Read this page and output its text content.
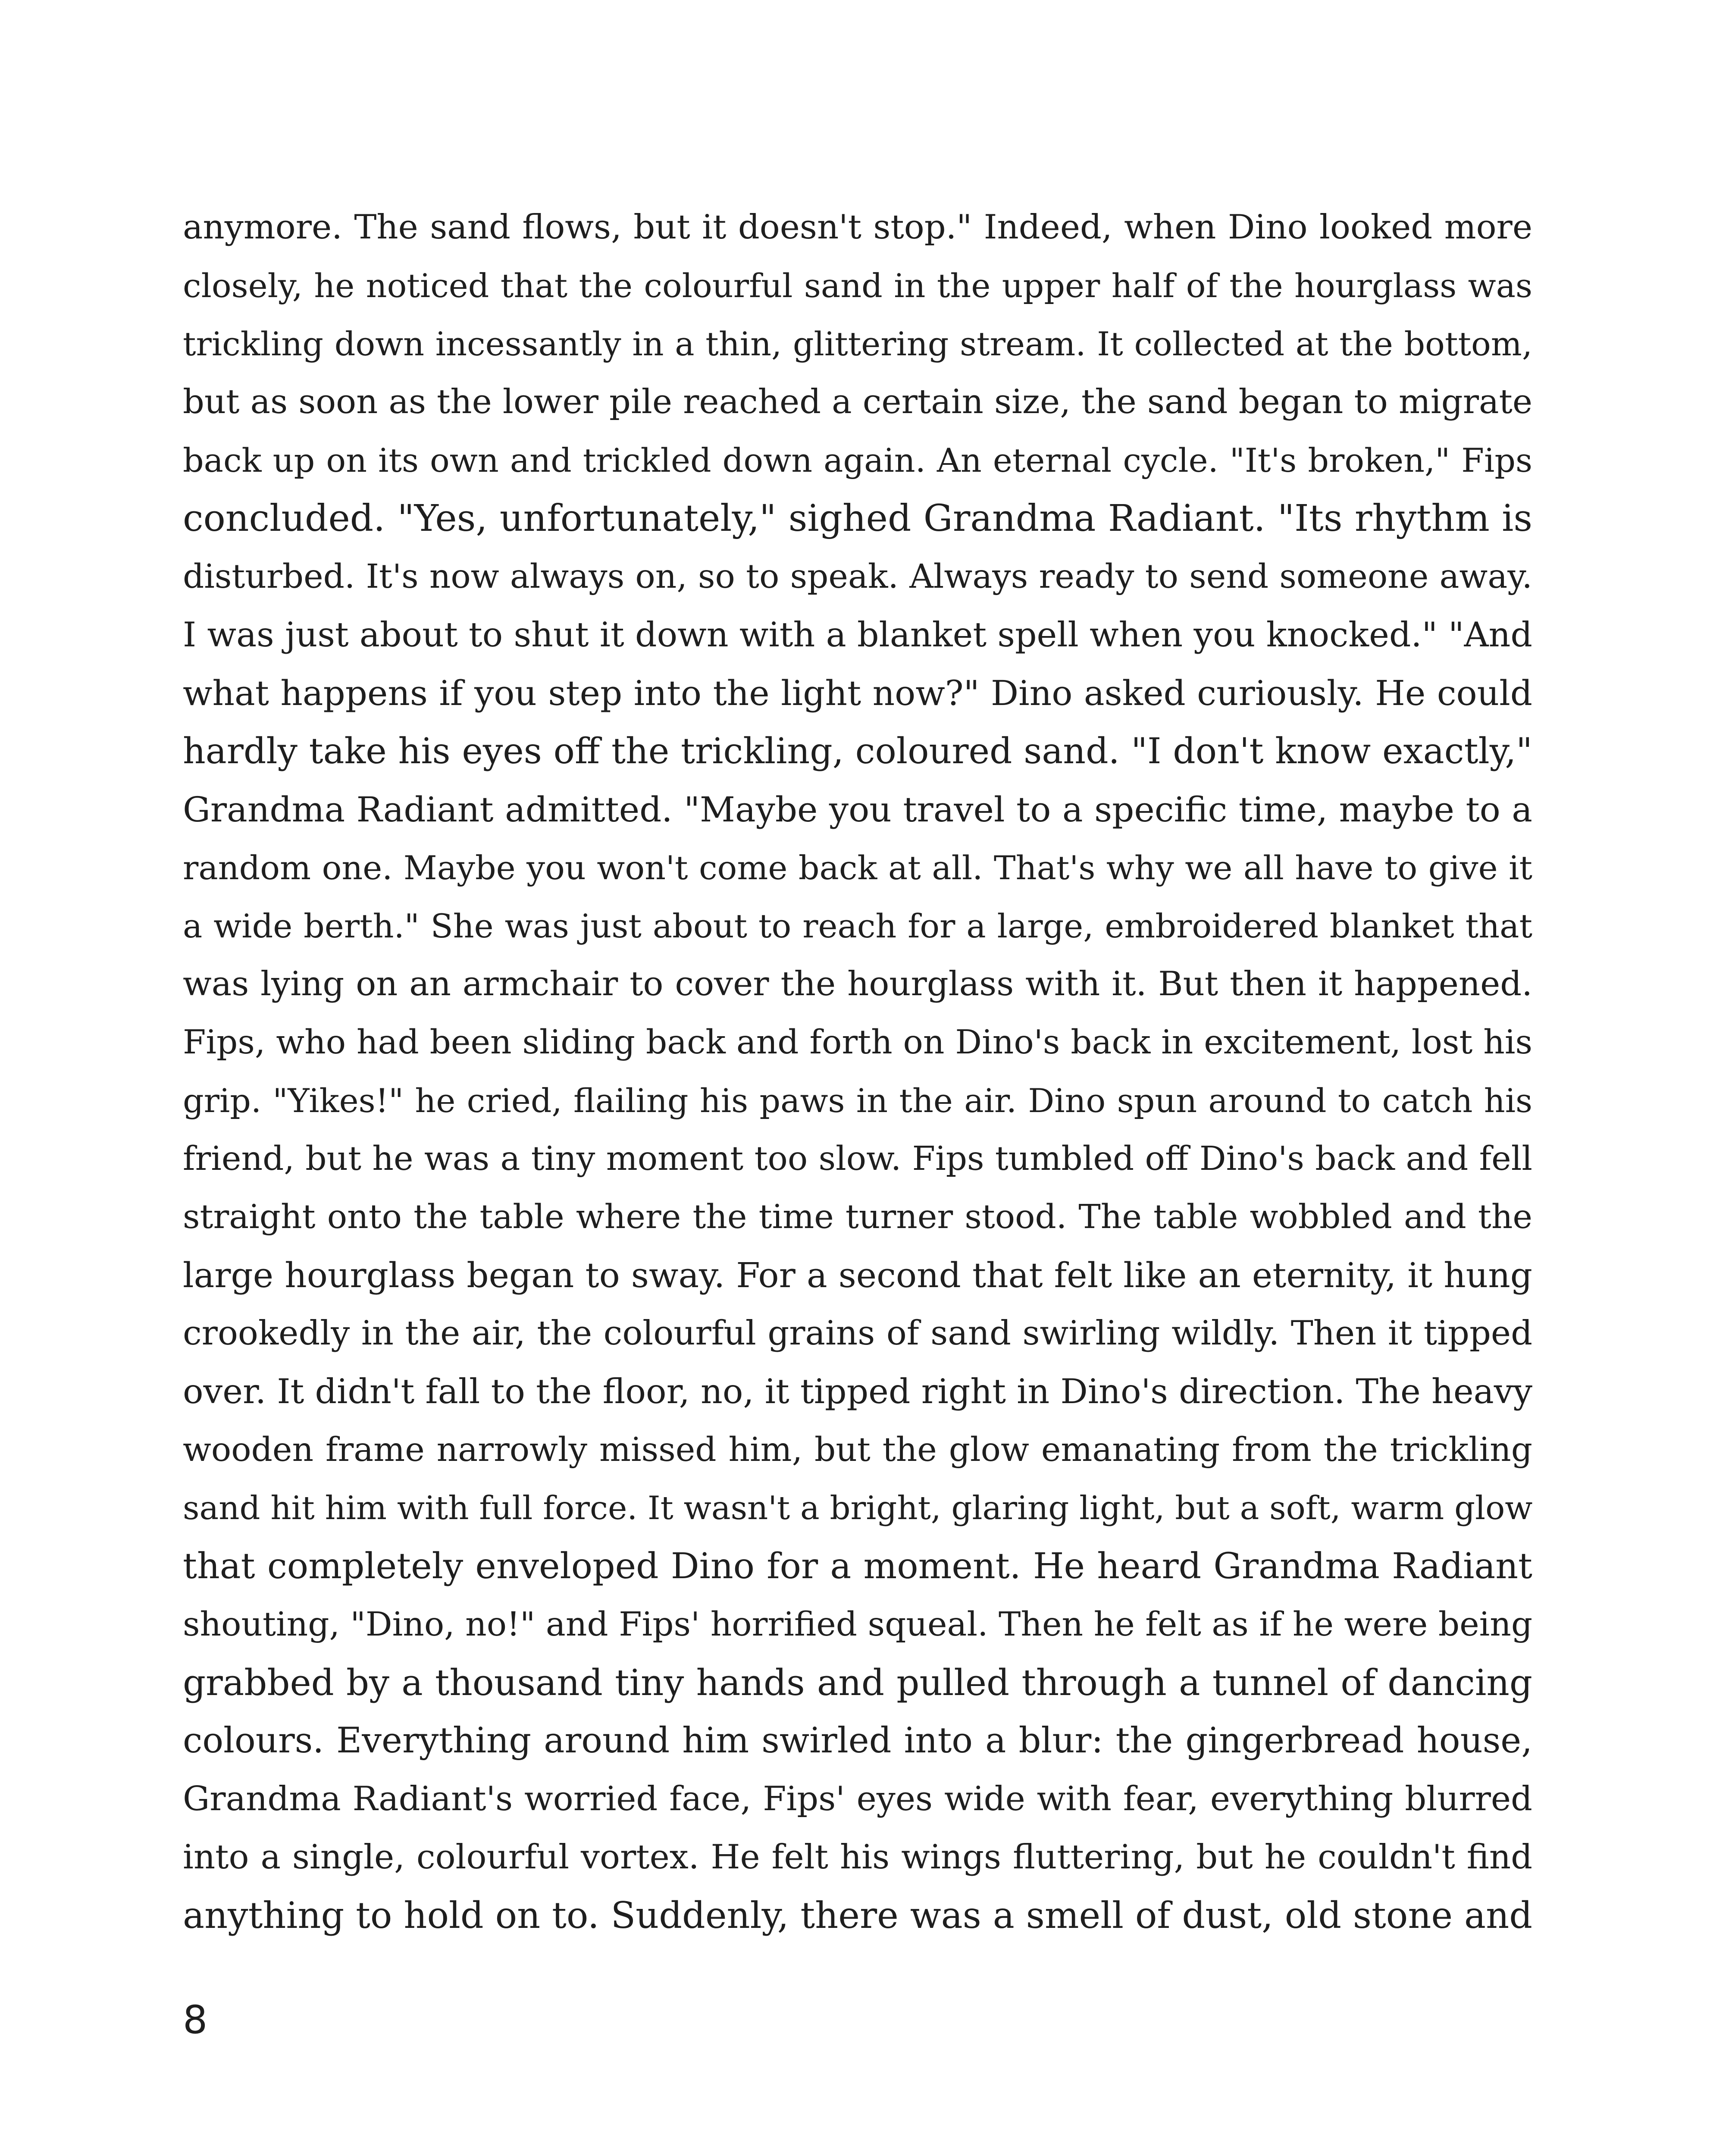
anymore. The sand flows, but it doesn't stop." Indeed, when Dino looked more
closely, he noticed that the colourful sand in the upper half of the hourglass was
trickling down incessantly in a thin, glittering stream. It collected at the bottom,
but as soon as the lower pile reached a certain size, the sand began to migrate
back up on its own and trickled down again. An eternal cycle. "It's broken," Fips
concluded. "Yes, unfortunately," sighed Grandma Radiant. "Its rhythm is
disturbed. It's now always on, so to speak. Always ready to send someone away.
I was just about to shut it down with a blanket spell when you knocked." "And
what happens if you step into the light now?" Dino asked curiously. He could
hardly take his eyes off the trickling, coloured sand. "I don't know exactly,"
Grandma Radiant admitted. "Maybe you travel to a specific time, maybe to a
random one. Maybe you won't come back at all. That's why we all have to give it
a wide berth." She was just about to reach for a large, embroidered blanket that
was lying on an armchair to cover the hourglass with it. But then it happened.
Fips, who had been sliding back and forth on Dino's back in excitement, lost his
grip. "Yikes!" he cried, flailing his paws in the air. Dino spun around to catch his
friend, but he was a tiny moment too slow. Fips tumbled off Dino's back and fell
straight onto the table where the time turner stood. The table wobbled and the
large hourglass began to sway. For a second that felt like an eternity, it hung
crookedly in the air, the colourful grains of sand swirling wildly. Then it tipped
over. It didn't fall to the floor, no, it tipped right in Dino's direction. The heavy
wooden frame narrowly missed him, but the glow emanating from the trickling
sand hit him with full force. It wasn't a bright, glaring light, but a soft, warm glow
that completely enveloped Dino for a moment. He heard Grandma Radiant
shouting, "Dino, no!" and Fips' horrified squeal. Then he felt as if he were being
grabbed by a thousand tiny hands and pulled through a tunnel of dancing
colours. Everything around him swirled into a blur: the gingerbread house,
Grandma Radiant's worried face, Fips' eyes wide with fear, everything blurred
into a single, colourful vortex. He felt his wings fluttering, but he couldn't find
anything to hold on to. Suddenly, there was a smell of dust, old stone and
8
